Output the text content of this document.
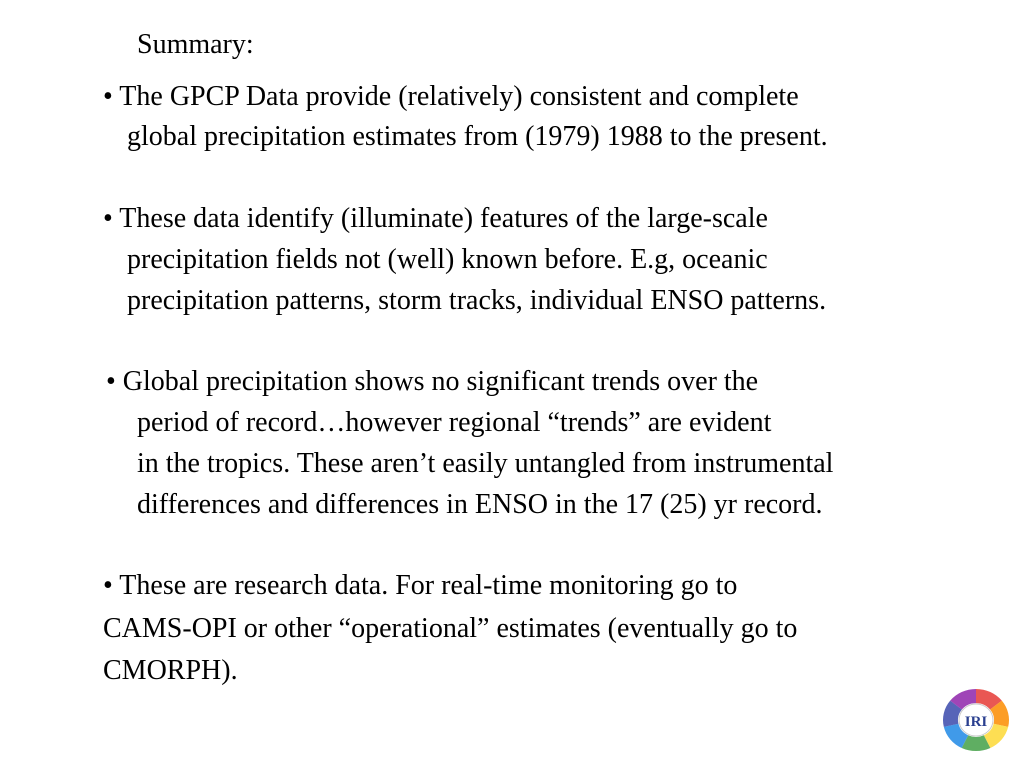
Summary:
• The GPCP Data provide (relatively) consistent and complete
global precipitation estimates from (1979) 1988 to the present.
• These data identify (illuminate) features of the large-scale
precipitation fields not (well) known before. E.g, oceanic
precipitation patterns, storm tracks, individual ENSO patterns.
• Global precipitation shows no significant trends over the
period of record…however regional “trends” are evident
in the tropics. These aren’t easily untangled from instrumental
differences and differences in ENSO in the 17 (25) yr record.
• These are research data. For real-time monitoring go to
CAMS-OPI or other “operational” estimates (eventually go to
CMORPH).
IRI
